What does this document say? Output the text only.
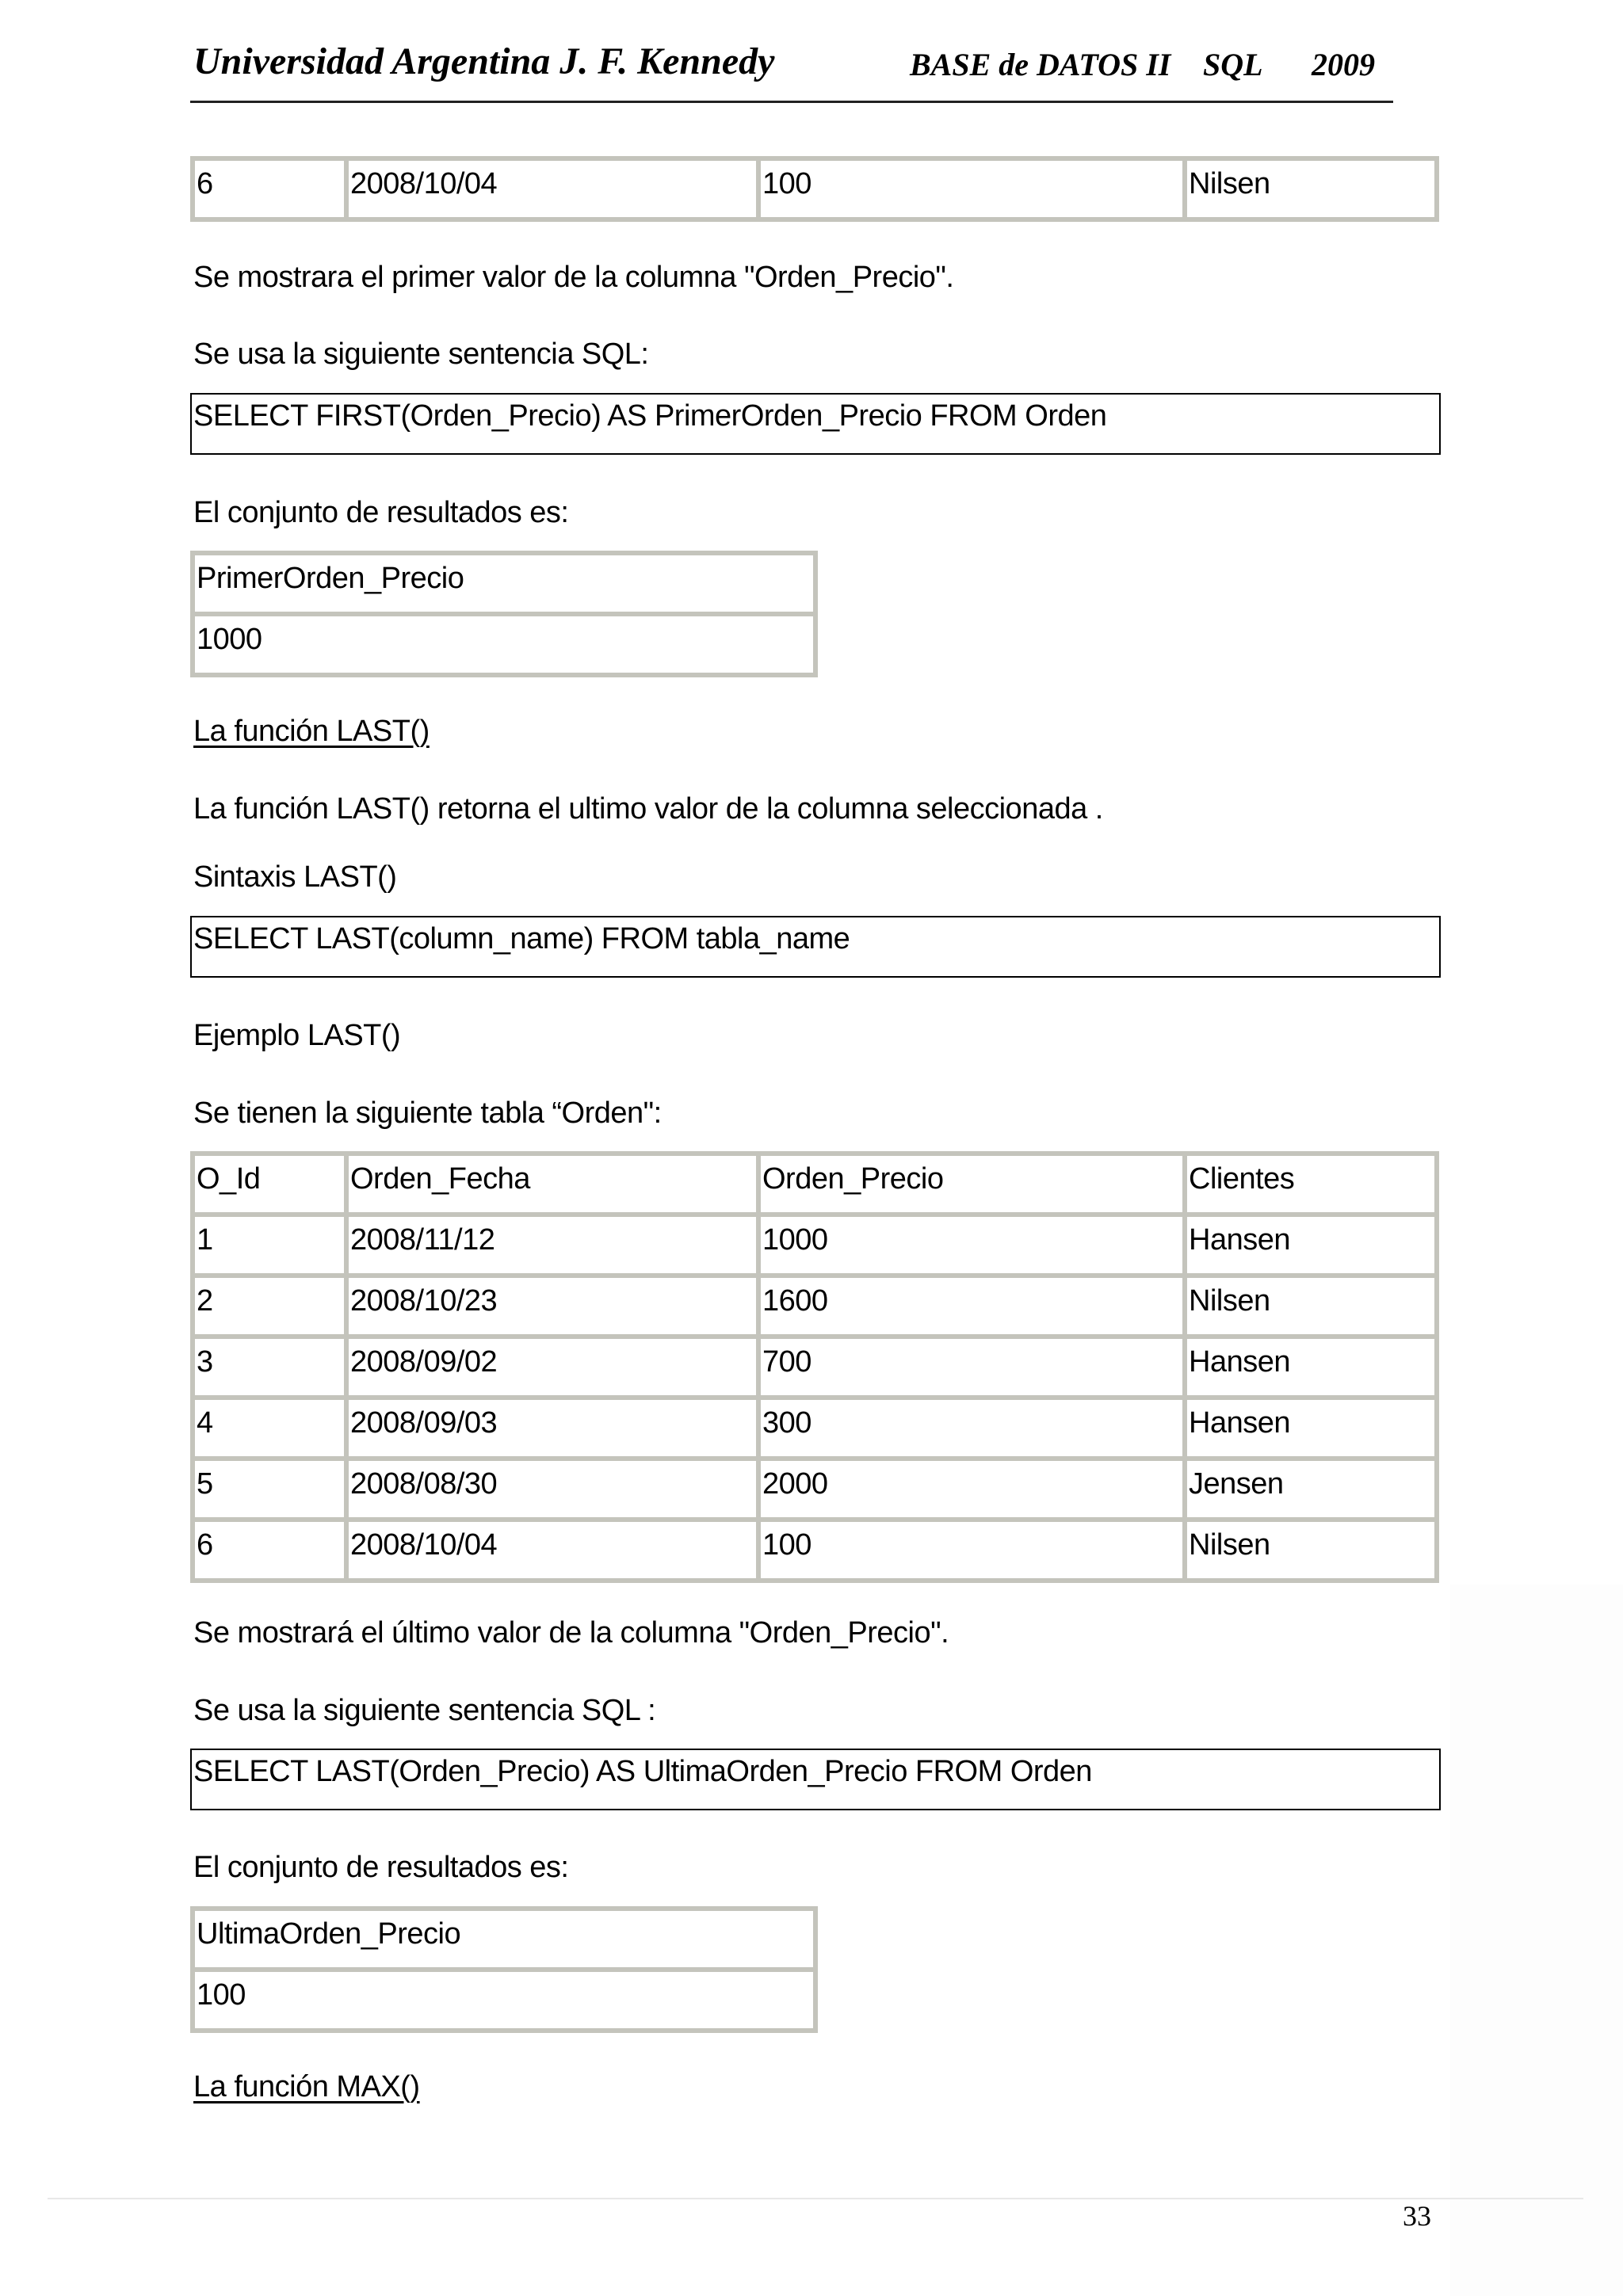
Universidad Argentina J. F. Kennedy	BASE de DATOS II SQL 2009
6	2008/10/04	100	Nilsen
Se mostrara el primer valor de la columna "Orden_Precio".
Se usa la siguiente sentencia SQL:
SELECT FIRST(Orden_Precio) AS PrimerOrden_Precio FROM Orden
El conjunto de resultados es:
PrimerOrden_Precio
1000
La función LAST()
La función LAST() retorna el ultimo valor de la columna seleccionada .
Sintaxis LAST()
SELECT LAST(column_name) FROM tabla_name
Ejemplo LAST()
Se tienen la siguiente tabla “Orden":
O_Id	Orden_Fecha	Orden_Precio	Clientes
1	2008/11/12	1000	Hansen
2	2008/10/23	1600	Nilsen
3	2008/09/02	700	Hansen
4	2008/09/03	300	Hansen
5	2008/08/30	2000	Jensen
6	2008/10/04	100	Nilsen
Se mostrará el último valor de la columna "Orden_Precio".
Se usa la siguiente sentencia SQL :
SELECT LAST(Orden_Precio) AS UltimaOrden_Precio FROM Orden
El conjunto de resultados es:
UltimaOrden_Precio
100
La función MAX()
33
